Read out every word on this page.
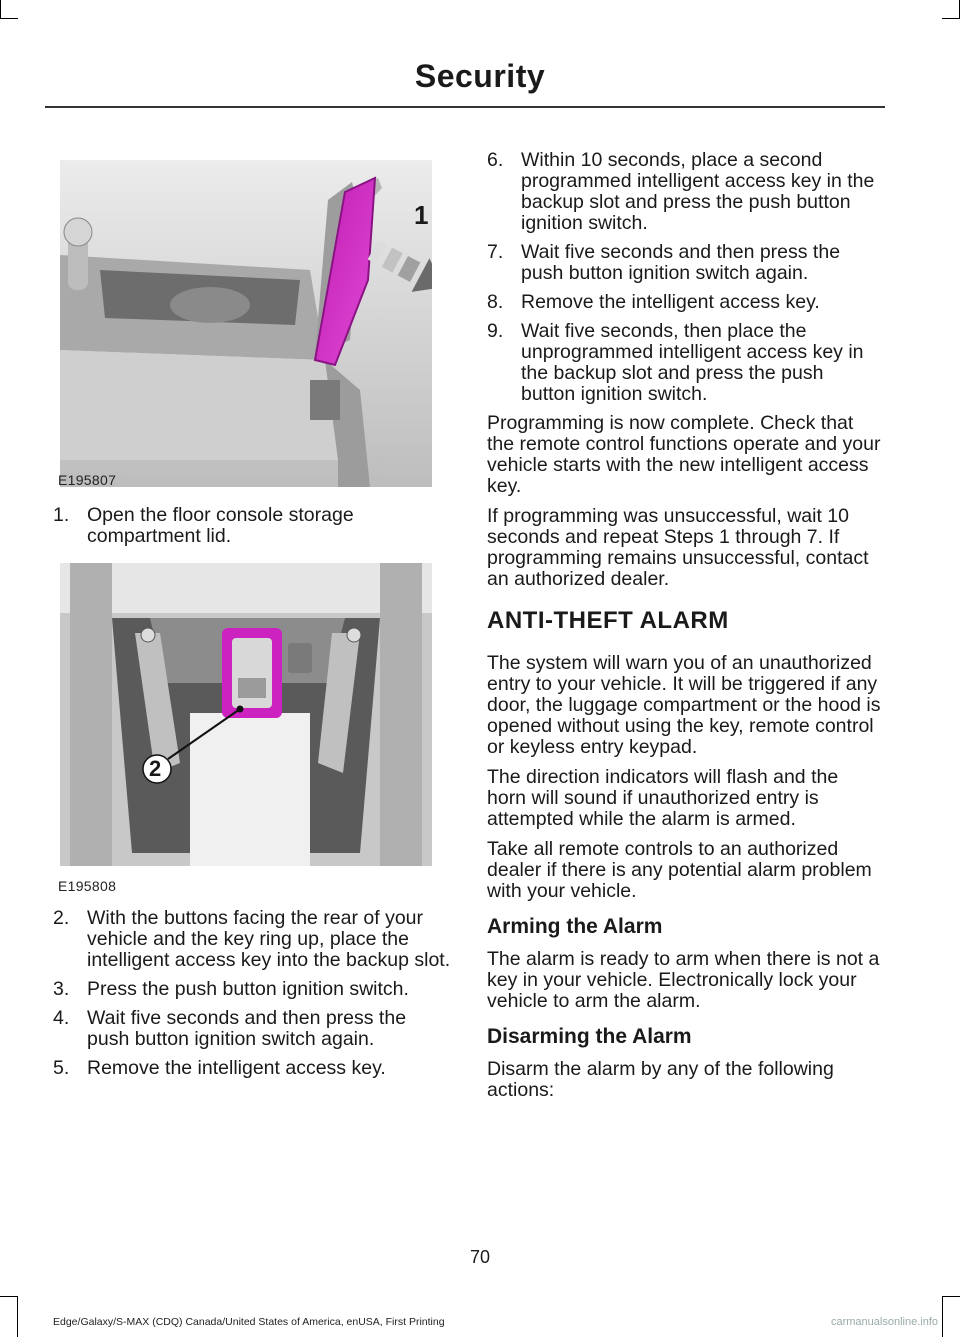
Security
1
E195807
1. Open the floor console storage compartment lid.
2
E195808
2. With the buttons facing the rear of your vehicle and the key ring up, place the intelligent access key into the backup slot.
3. Press the push button ignition switch.
4. Wait five seconds and then press the push button ignition switch again.
5. Remove the intelligent access key.
6. Within 10 seconds, place a second programmed intelligent access key in the backup slot and press the push button ignition switch.
7. Wait five seconds and then press the push button ignition switch again.
8. Remove the intelligent access key.
9. Wait five seconds, then place the unprogrammed intelligent access key in the backup slot and press the push button ignition switch.

Programming is now complete. Check that the remote control functions operate and your vehicle starts with the new intelligent access key.

If programming was unsuccessful, wait 10 seconds and repeat Steps 1 through 7. If programming remains unsuccessful, contact an authorized dealer.

ANTI-THEFT ALARM

The system will warn you of an unauthorized entry to your vehicle. It will be triggered if any door, the luggage compartment or the hood is opened without using the key, remote control or keyless entry keypad.

The direction indicators will flash and the horn will sound if unauthorized entry is attempted while the alarm is armed.

Take all remote controls to an authorized dealer if there is any potential alarm problem with your vehicle.

Arming the Alarm

The alarm is ready to arm when there is not a key in your vehicle. Electronically lock your vehicle to arm the alarm.

Disarming the Alarm

Disarm the alarm by any of the following actions:

70
Edge/Galaxy/S-MAX (CDQ) Canada/United States of America, enUSA, First Printing	carmanualsonline.info
